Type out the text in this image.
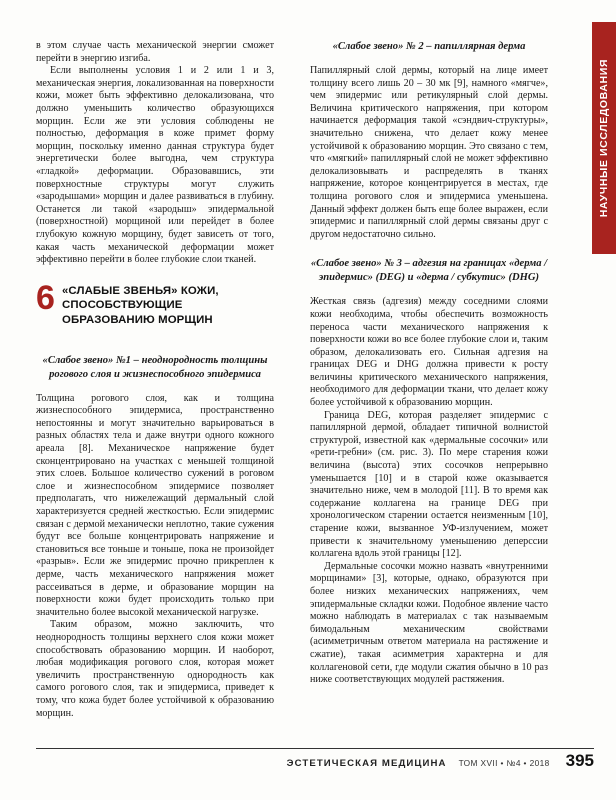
НАУЧНЫЕ ИССЛЕДОВАНИЯ

в этом случае часть механической энергии сможет перейти в энергию изгиба.

Если выполнены условия 1 и 2 или 1 и 3, механическая энергия, локализованная на поверхности кожи, может быть эффективно делокализована, что должно уменьшить количество образующихся морщин. Если же эти условия соблюдены не полностью, деформация в коже примет форму морщин, поскольку именно данная структура будет энергетически более выгодна, чем структура «гладкой» деформации. Образовавшись, эти поверхностные структуры могут служить «зародышами» морщин и далее развиваться в глубину. Останется ли такой «зародыш» эпидермальной (поверхностной) морщиной или перейдет в более глубокую кожную морщину, будет зависеть от того, какая часть механической деформации может эффективно перейти в более глубокие слои тканей.

6 «СЛАБЫЕ ЗВЕНЬЯ» КОЖИ, СПОСОБСТВУЮЩИЕ ОБРАЗОВАНИЮ МОРЩИН
«Слабое звено» №1 – неоднородность толщины рогового слоя и жизнеспособного эпидермиса

Толщина рогового слоя, как и толщина жизнеспособного эпидермиса, пространственно непостоянны и могут значительно варьироваться в разных областях тела и даже внутри одного кожного ареала [8]. Механическое напряжение будет сконцентрировано на участках с меньшей толщиной этих слоев. Большое количество сужений в роговом слое и жизнеспособном эпидермисе позволяет предполагать, что нижележащий дермальный слой характеризуется средней жесткостью. Если эпидермис связан с дермой механически неплотно, такие сужения будут все больше концентрировать напряжение и становиться все тоньше и тоньше, пока не произойдет «разрыв». Если же эпидермис прочно прикреплен к дерме, часть механического напряжения может рассеиваться в дерме, и образование морщин на поверхности кожи будет происходить только при значительно более высокой механической нагрузке.

Таким образом, можно заключить, что неоднородность толщины верхнего слоя кожи может способствовать образованию морщин. И наоборот, любая модификация рогового слоя, которая может увеличить пространственную однородность как самого рогового слоя, так и эпидермиса, приведет к тому, что кожа будет более устойчивой к образованию морщин.

«Слабое звено» № 2 – папиллярная дерма

Папиллярный слой дермы, который на лице имеет толщину всего лишь 20 – 30 мк [9], намного «мягче», чем эпидермис или ретикулярный слой дермы. Величина критического напряжения, при котором начинается деформация такой «сэндвич-структуры», значительно снижена, что делает кожу менее устойчивой к образованию морщин. Это связано с тем, что «мягкий» папиллярный слой не может эффективно делокализовывать и распределять в тканях напряжение, которое концентрируется в местах, где толщина рогового слоя и эпидермиса уменьшена. Данный эффект должен быть еще более выражен, если эпидермис и папиллярный слой дермы связаны друг с другом недостаточно сильно.

«Слабое звено» № 3 – адгезия на границах «дерма / эпидермис» (DEG) и «дерма / субкутис» (DHG)

Жесткая связь (адгезия) между соседними слоями кожи необходима, чтобы обеспечить возможность переноса части механического напряжения к поверхности кожи во все более глубокие слои и, таким образом, делокализовать его. Сильная адгезия на границах DEG и DHG должна привести к росту величины критического механического напряжения, необходимого для деформации ткани, что делает кожу более устойчивой к образованию морщин.

Граница DEG, которая разделяет эпидермис с папиллярной дермой, обладает типичной волнистой структурой, известной как «дермальные сосочки» или «рети-гребни» (см. рис. 3). По мере старения кожи величина (высота) этих сосочков непрерывно уменьшается [10] и в старой коже оказывается значительно ниже, чем в молодой [11]. В то время как содержание коллагена на границе DEG при хронологическом старении остается неизменным [10], старение кожи, вызванное УФ-излучением, может привести к значительному уменьшению деперссии коллагена вдоль этой границы [12].

Дермальные сосочки можно назвать «внутренними морщинами» [3], которые, однако, образуются при более низких механических напряжениях, чем эпидермальные складки кожи. Подобное явление часто можно наблюдать в материалах с так называемым бимодальным механическим свойствами (асимметричным ответом материала на растяжение и сжатие), такая асимметрия характерна и для коллагеновой сети, где модули сжатия обычно в 10 раз ниже соответствующих модулей растяжения.

ЭСТЕТИЧЕСКАЯ МЕДИЦИНА ТОМ XVII • №4 • 2018 395
